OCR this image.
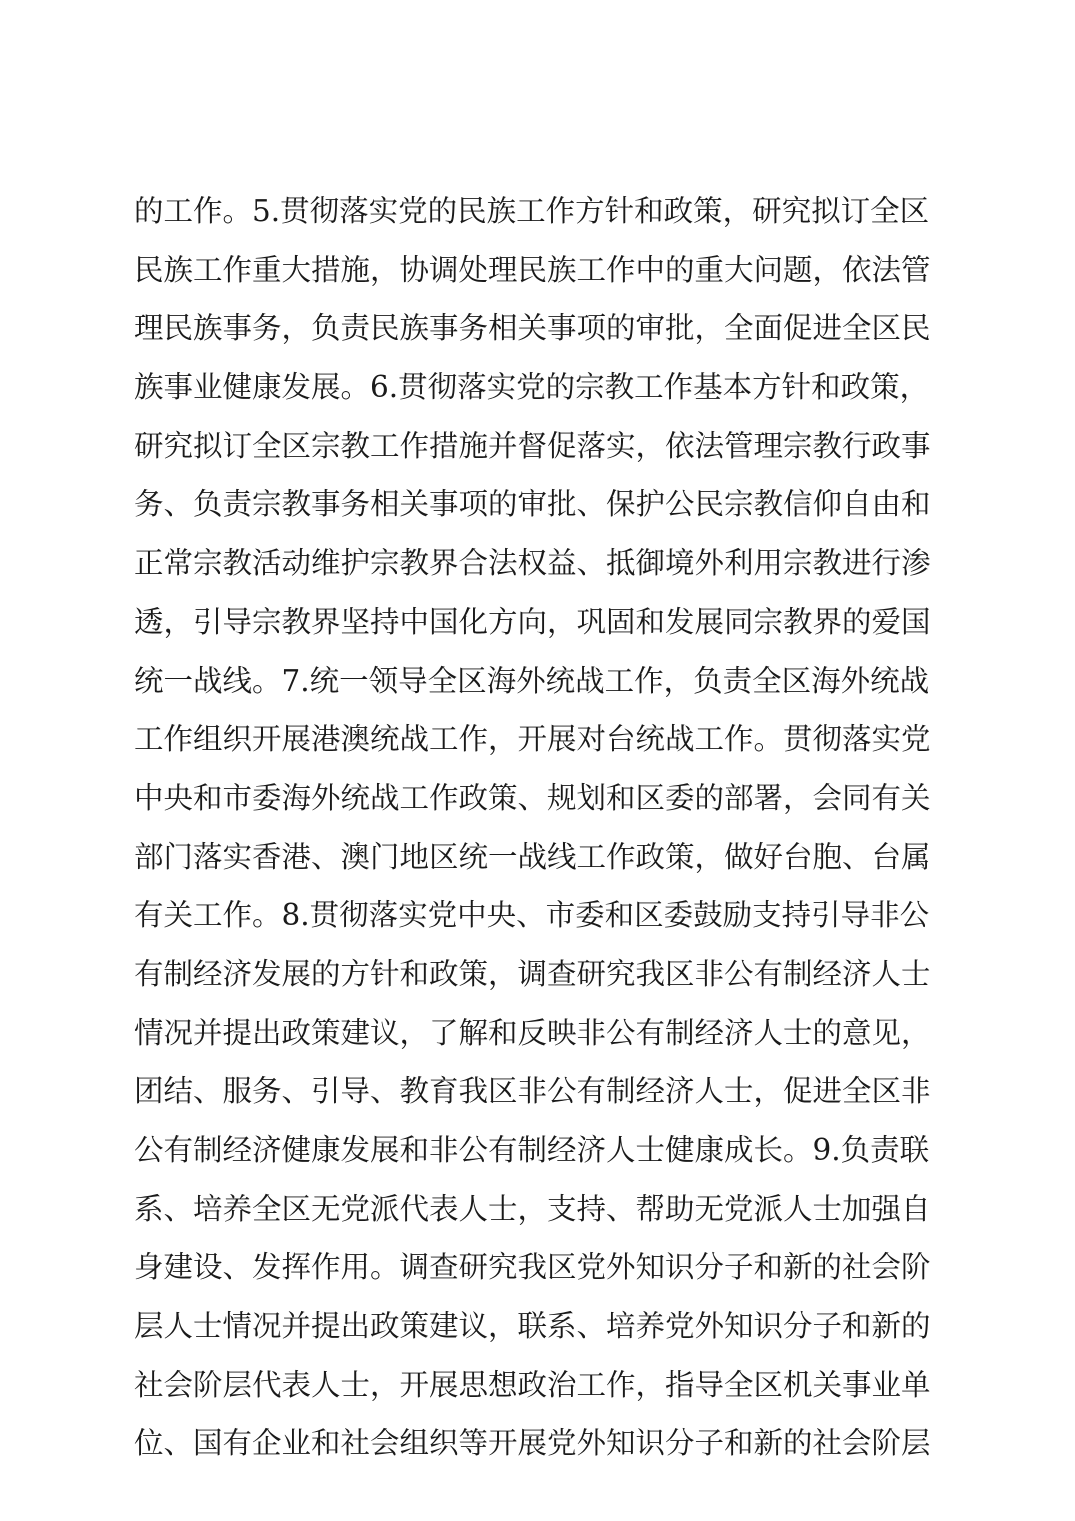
的工作。5.贯彻落实党的民族工作方针和政策，研究拟订全区
民族工作重大措施，协调处理民族工作中的重大问题，依法管
理民族事务，负责民族事务相关事项的审批，全面促进全区民
族事业健康发展。6.贯彻落实党的宗教工作基本方针和政策，
研究拟订全区宗教工作措施并督促落实，依法管理宗教行政事
务、负责宗教事务相关事项的审批、保护公民宗教信仰自由和
正常宗教活动维护宗教界合法权益、抵御境外利用宗教进行渗
透，引导宗教界坚持中国化方向，巩固和发展同宗教界的爱国
统一战线。7.统一领导全区海外统战工作，负责全区海外统战
工作组织开展港澳统战工作，开展对台统战工作。贯彻落实党
中央和市委海外统战工作政策、规划和区委的部署，会同有关
部门落实香港、澳门地区统一战线工作政策，做好台胞、台属
有关工作。8.贯彻落实党中央、市委和区委鼓励支持引导非公
有制经济发展的方针和政策，调查研究我区非公有制经济人士
情况并提出政策建议，了解和反映非公有制经济人士的意见，
团结、服务、引导、教育我区非公有制经济人士，促进全区非
公有制经济健康发展和非公有制经济人士健康成长。9.负责联
系、培养全区无党派代表人士，支持、帮助无党派人士加强自
身建设、发挥作用。调查研究我区党外知识分子和新的社会阶
层人士情况并提出政策建议，联系、培养党外知识分子和新的
社会阶层代表人士，开展思想政治工作，指导全区机关事业单
位、国有企业和社会组织等开展党外知识分子和新的社会阶层
